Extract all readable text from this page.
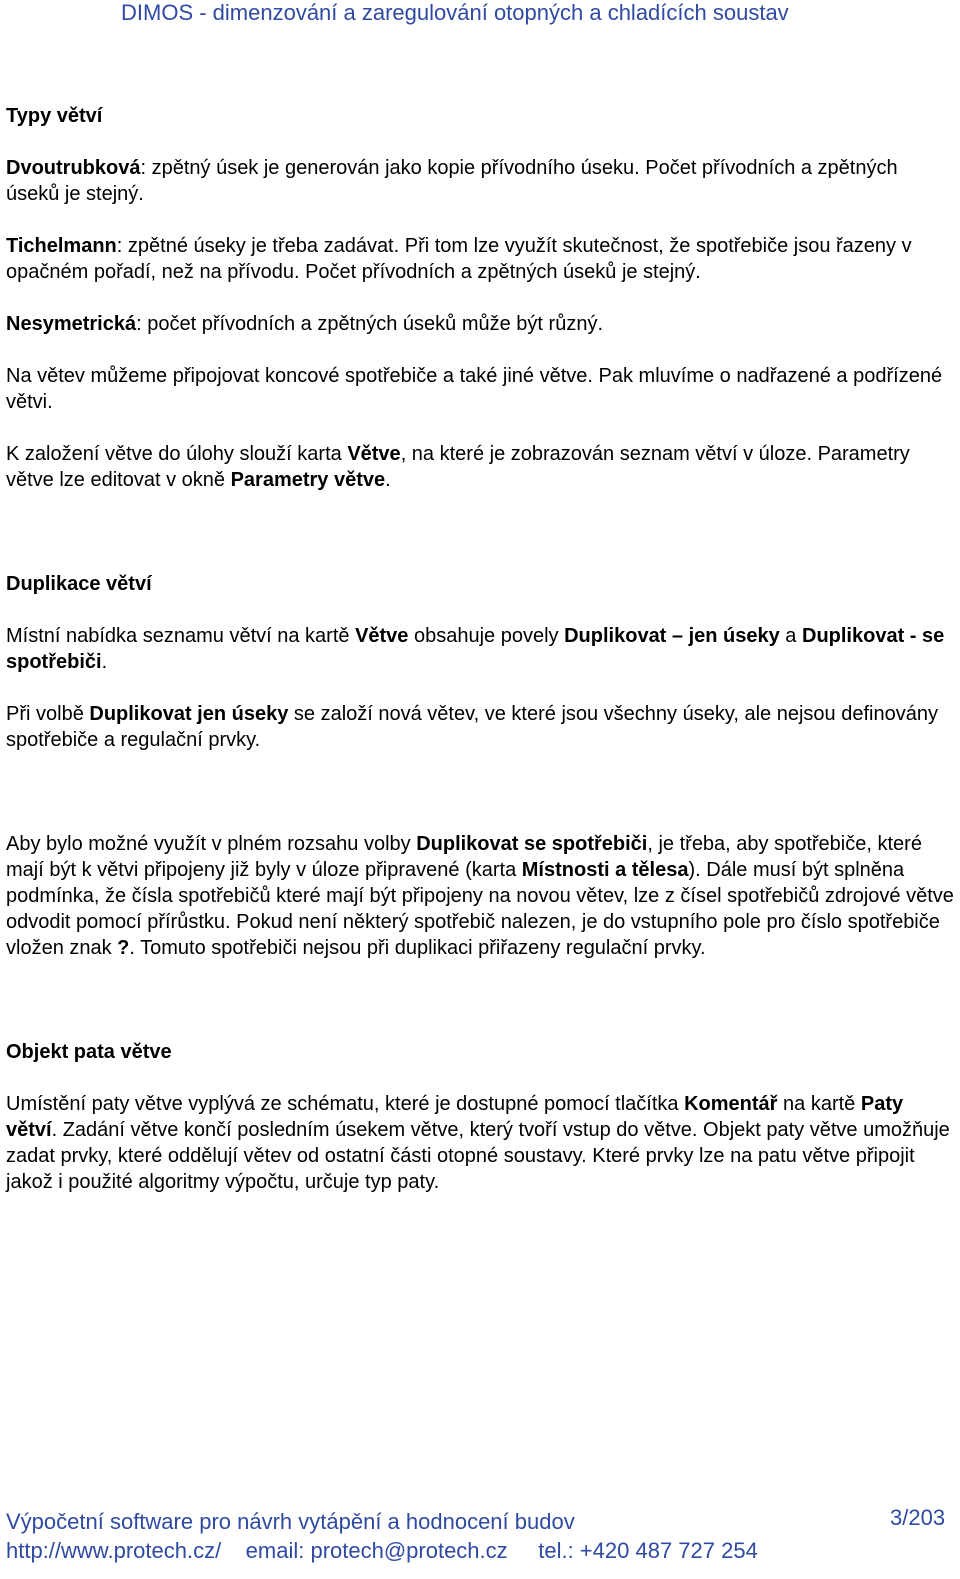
DIMOS - dimenzování a zaregulování otopných a chladících soustav

Typy větví

Dvoutrubková: zpětný úsek je generován jako kopie přívodního úseku. Počet přívodních a zpětných úseků je stejný.

Tichelmann: zpětné úseky je třeba zadávat. Při tom lze využít skutečnost, že spotřebiče jsou řazeny v opačném pořadí, než na přívodu. Počet přívodních a zpětných úseků je stejný.

Nesymetrická: počet přívodních a zpětných úseků může být různý.

Na větev můžeme připojovat koncové spotřebiče a také jiné větve. Pak mluvíme o nadřazené a podřízené větvi.

K založení větve do úlohy slouží karta Větve, na které je zobrazován seznam větví v úloze. Parametry větve lze editovat v okně Parametry větve.

Duplikace větví

Místní nabídka seznamu větví na kartě Větve obsahuje povely Duplikovat – jen úseky a Duplikovat - se spotřebiči.

Při volbě Duplikovat jen úseky se založí nová větev, ve které jsou všechny úseky, ale nejsou definovány spotřebiče a regulační prvky.

Aby bylo možné využít v plném rozsahu volby Duplikovat se spotřebiči, je třeba, aby spotřebiče, které mají být k větvi připojeny již byly v úloze připravené (karta Místnosti a tělesa). Dále musí být splněna podmínka, že čísla spotřebičů které mají být připojeny na novou větev, lze z čísel spotřebičů zdrojové větve odvodit pomocí přírůstku. Pokud není některý spotřebič nalezen, je do vstupního pole pro číslo spotřebiče vložen znak ?. Tomuto spotřebiči nejsou při duplikaci přiřazeny regulační prvky.

Objekt pata větve

Umístění paty větve vyplývá ze schématu, které je dostupné pomocí tlačítka Komentář na kartě Paty větví. Zadání větve končí posledním úsekem větve, který tvoří vstup do větve. Objekt paty větve umožňuje zadat prvky, které oddělují větev od ostatní části otopné soustavy. Které prvky lze na patu větve připojit jakož i použité algoritmy výpočtu, určuje typ paty.

Výpočetní software pro návrh vytápění a hodnocení budov
http://www.protech.cz/ email: protech@protech.cz tel.: +420 487 727 254
3/203
